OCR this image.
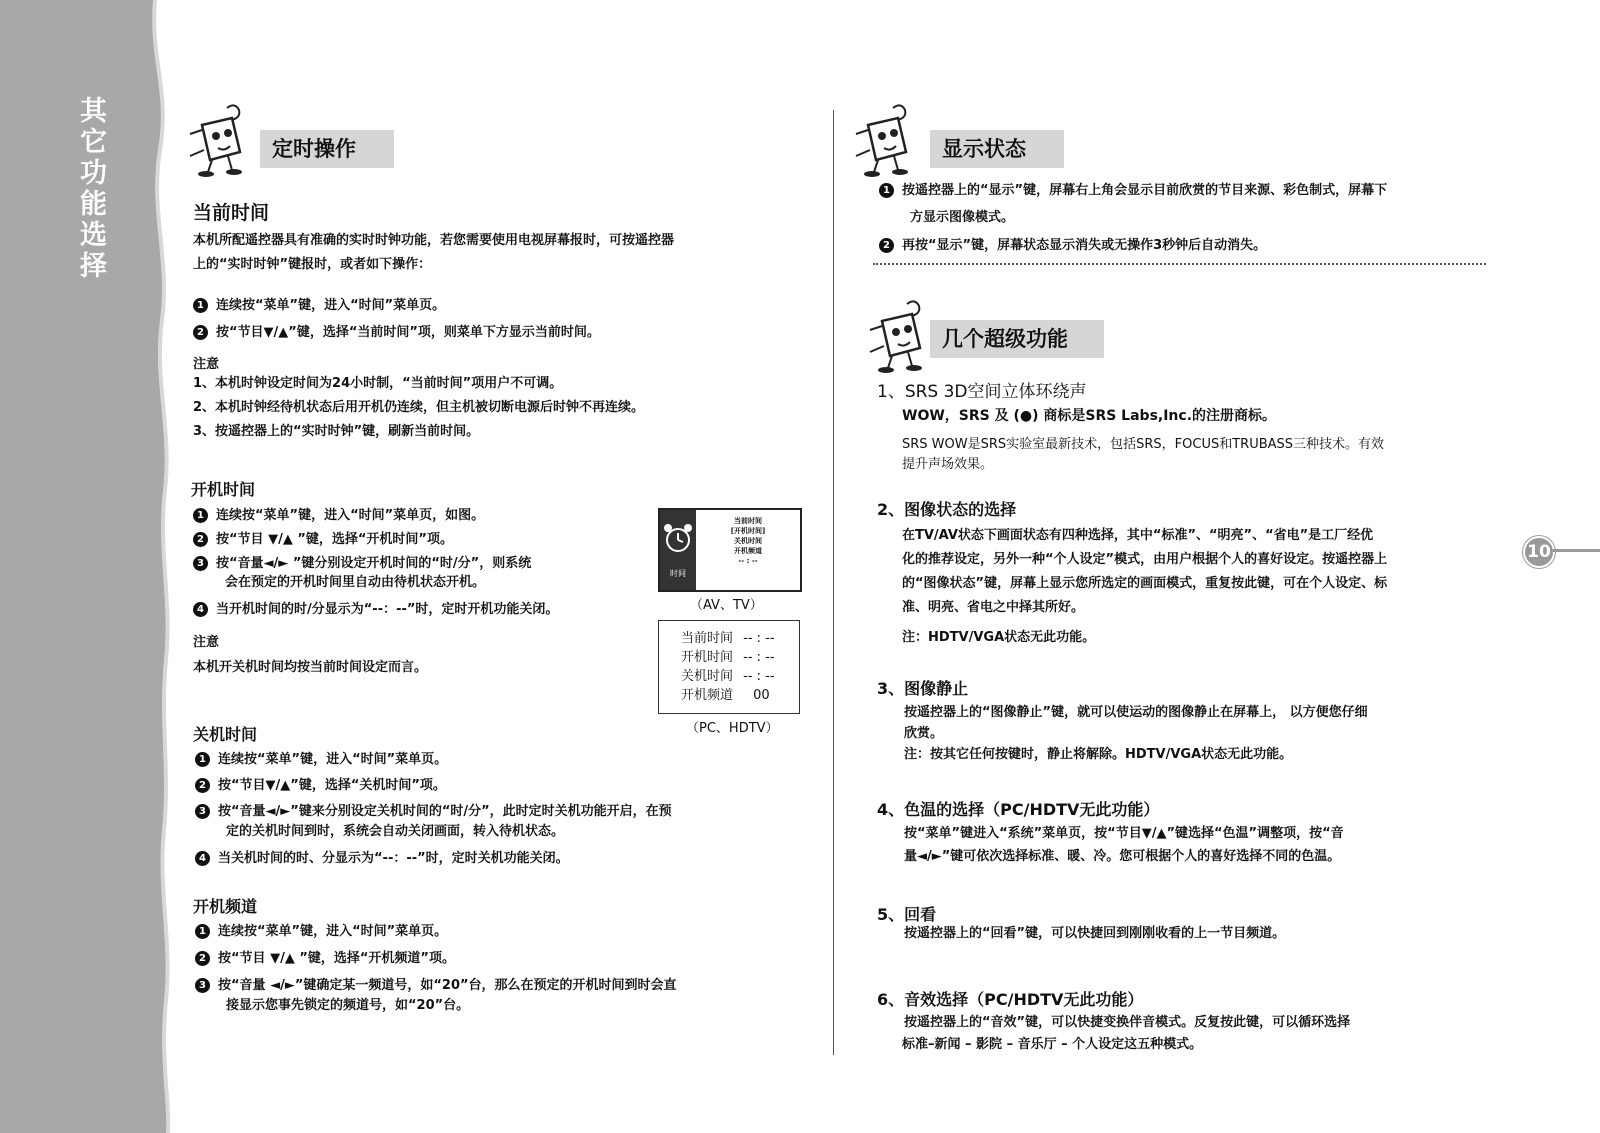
其
它
功
能
选
择
定时操作
当前时间
本机所配遥控器具有准确的实时时钟功能，若您需要使用电视屏幕报时，可按遥控器
上的“实时时钟”键报时，或者如下操作：
1 连续按“菜单”键，进入“时间”菜单页。
2 按“节目▼/▲”键，选择“当前时间”项，则菜单下方显示当前时间。
注意
1、本机时钟设定时间为24小时制，“当前时间”项用户不可调。
2、本机时钟经待机状态后用开机仍连续，但主机被切断电源后时钟不再连续。
3、按遥控器上的“实时时钟”键，刷新当前时间。
开机时间
1 连续按“菜单”键，进入“时间”菜单页，如图。
2 按“节目 ▼/▲ ”键，选择“开机时间”项。
3 按“音量◄/► ”键分别设定开机时间的“时/分”，则系统
会在预定的开机时间里自动由待机状态开机。
4 当开机时间的时/分显示为“--：--”时，定时开机功能关闭。
注意
本机开关机时间均按当前时间设定而言。
时间
当前时间
[开机时间]
关机时间
开机频道
-- : --
（AV、TV）
当前时间 -- : --
开机时间 -- : --
关机时间 -- : --
开机频道 00
（PC、HDTV）
关机时间
1 连续按“菜单”键，进入“时间”菜单页。
2 按“节目▼/▲”键，选择“关机时间”项。
3 按“音量◄/►”键来分别设定关机时间的“时/分”，此时定时关机功能开启，在预
定的关机时间到时，系统会自动关闭画面，转入待机状态。
4 当关机时间的时、分显示为“--：--”时，定时关机功能关闭。
开机频道
1 连续按“菜单”键，进入“时间”菜单页。
2 按“节目 ▼/▲ ”键，选择“开机频道”项。
3 按“音量 ◄/►”键确定某一频道号，如“20”台，那么在预定的开机时间到时会直
接显示您事先锁定的频道号，如“20”台。
显示状态
1 按遥控器上的“显示”键，屏幕右上角会显示目前欣赏的节目来源、彩色制式，屏幕下
方显示图像模式。
2 再按“显示”键，屏幕状态显示消失或无操作3秒钟后自动消失。
几个超级功能
1、SRS 3D空间立体环绕声
WOW，SRS 及 (●) 商标是SRS Labs,Inc.的注册商标。
SRS WOW是SRS实验室最新技术，包括SRS，FOCUS和TRUBASS三种技术。有效
提升声场效果。
2、图像状态的选择
在TV/AV状态下画面状态有四种选择，其中“标准”、“明亮”、“省电”是工厂经优
化的推荐设定，另外一种“个人设定”模式，由用户根据个人的喜好设定。按遥控器上
的“图像状态”键，屏幕上显示您所选定的画面模式，重复按此键，可在个人设定、标
准、明亮、省电之中择其所好。
注：HDTV/VGA状态无此功能。
3、图像静止
按遥控器上的“图像静止”键，就可以使运动的图像静止在屏幕上， 以方便您仔细
欣赏。
注：按其它任何按键时，静止将解除。HDTV/VGA状态无此功能。
4、色温的选择（PC/HDTV无此功能）
按“菜单”键进入“系统”菜单页，按“节目▼/▲”键选择“色温”调整项，按“音
量◄/►”键可依次选择标准、暖、冷。您可根据个人的喜好选择不同的色温。
5、回看
按遥控器上的“回看”键，可以快捷回到刚刚收看的上一节目频道。
6、音效选择（PC/HDTV无此功能）
按遥控器上的“音效”键，可以快捷变换伴音模式。反复按此键，可以循环选择
标准–新闻 – 影院 – 音乐厅 – 个人设定这五种模式。
10
